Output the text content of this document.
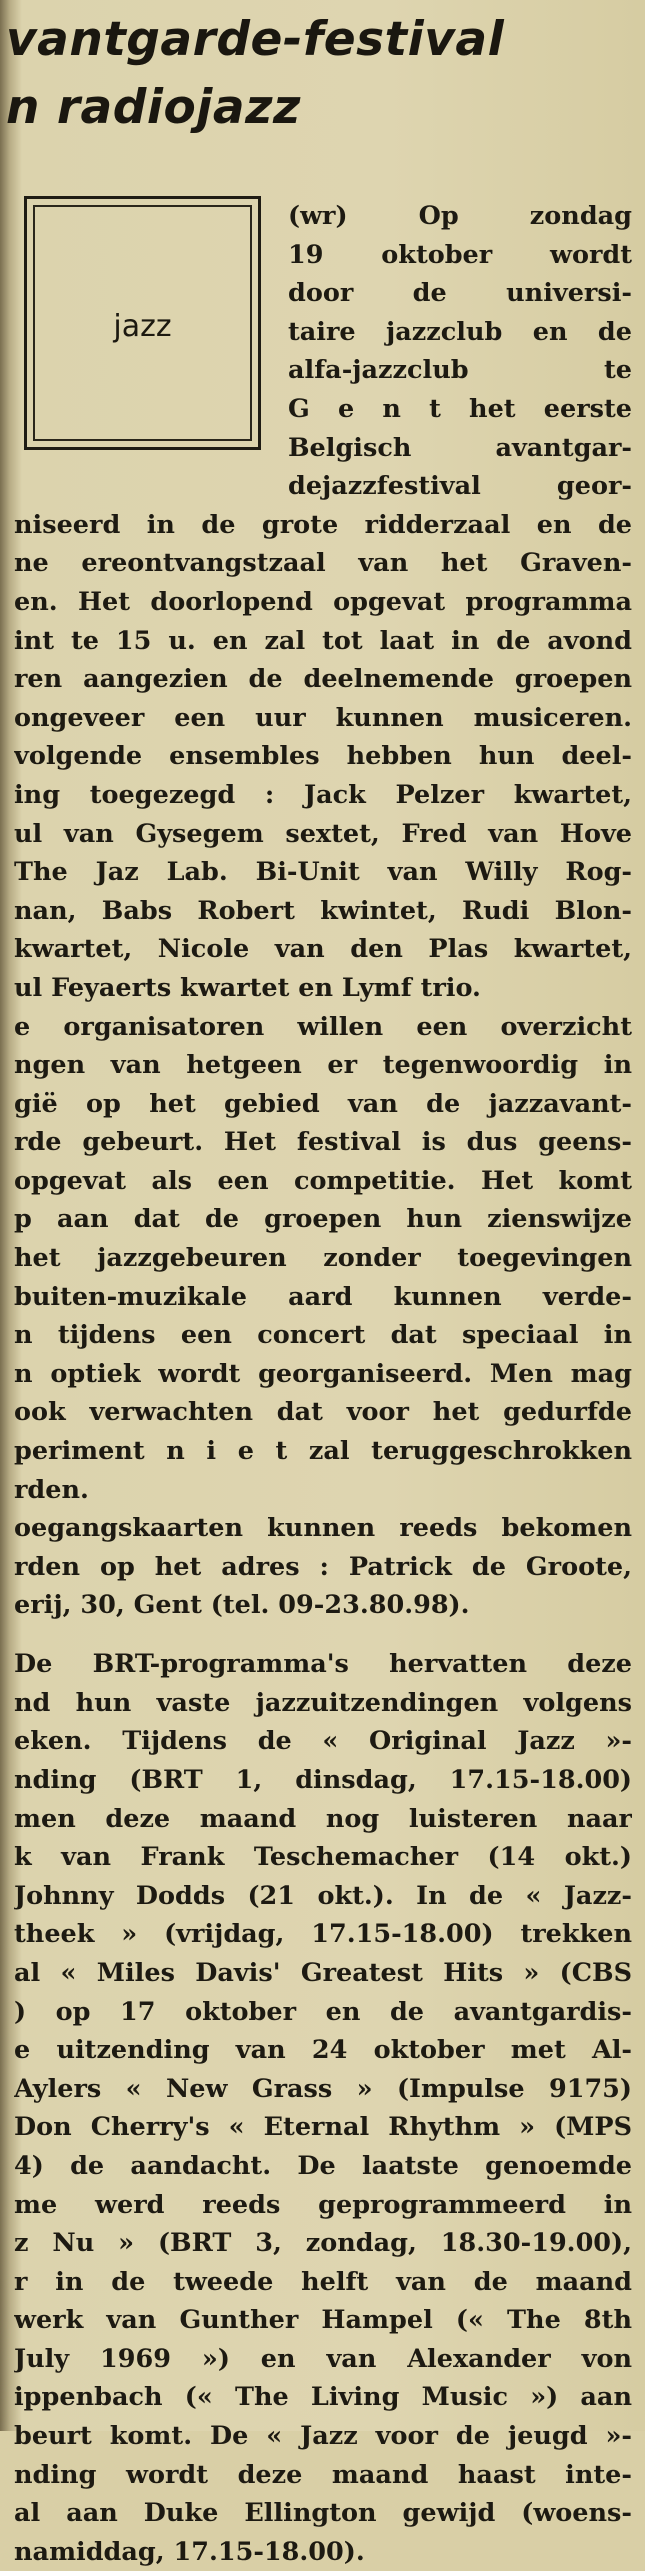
vantgarde-festival
n radiojazz
jazz
(wr) Op zondag
19 oktober wordt
door de universi-
taire jazzclub en de
alfa-jazzclub te
G e n t het eerste
Belgisch avantgar-
dejazzfestival geor-
niseerd in de grote ridderzaal en de
ne ereontvangstzaal van het Graven-
en. Het doorlopend opgevat programma
int te 15 u. en zal tot laat in de avond
ren aangezien de deelnemende groepen
ongeveer een uur kunnen musiceren.
volgende ensembles hebben hun deel-
ing toegezegd : Jack Pelzer kwartet,
ul van Gysegem sextet, Fred van Hove
The Jaz Lab. Bi-Unit van Willy Rog-
nan, Babs Robert kwintet, Rudi Blon-
kwartet, Nicole van den Plas kwartet,
ul Feyaerts kwartet en Lymf trio.
e organisatoren willen een overzicht
ngen van hetgeen er tegenwoordig in
gië op het gebied van de jazzavant-
rde gebeurt. Het festival is dus geens-
opgevat als een competitie. Het komt
p aan dat de groepen hun zienswijze
het jazzgebeuren zonder toegevingen
buiten-muzikale aard kunnen verde-
n tijdens een concert dat speciaal in
n optiek wordt georganiseerd. Men mag
ook verwachten dat voor het gedurfde
periment n i e t zal teruggeschrokken
rden.
oegangskaarten kunnen reeds bekomen
rden op het adres : Patrick de Groote,
erij, 30, Gent (tel. 09-23.80.98).
De BRT-programma's hervatten deze
nd hun vaste jazzuitzendingen volgens
eken. Tijdens de « Original Jazz »-
nding (BRT 1, dinsdag, 17.15-18.00)
men deze maand nog luisteren naar
k van Frank Teschemacher (14 okt.)
Johnny Dodds (21 okt.). In de « Jazz-
theek » (vrijdag, 17.15-18.00) trekken
al « Miles Davis' Greatest Hits » (CBS
) op 17 oktober en de avantgardis-
e uitzending van 24 oktober met Al-
Aylers « New Grass » (Impulse 9175)
Don Cherry's « Eternal Rhythm » (MPS
4) de aandacht. De laatste genoemde
me werd reeds geprogrammeerd in
z Nu » (BRT 3, zondag, 18.30-19.00),
r in de tweede helft van de maand
werk van Gunther Hampel (« The 8th
July 1969 ») en van Alexander von
ippenbach (« The Living Music ») aan
beurt komt. De « Jazz voor de jeugd »-
nding wordt deze maand haast inte-
al aan Duke Ellington gewijd (woens-
namiddag, 17.15-18.00).
